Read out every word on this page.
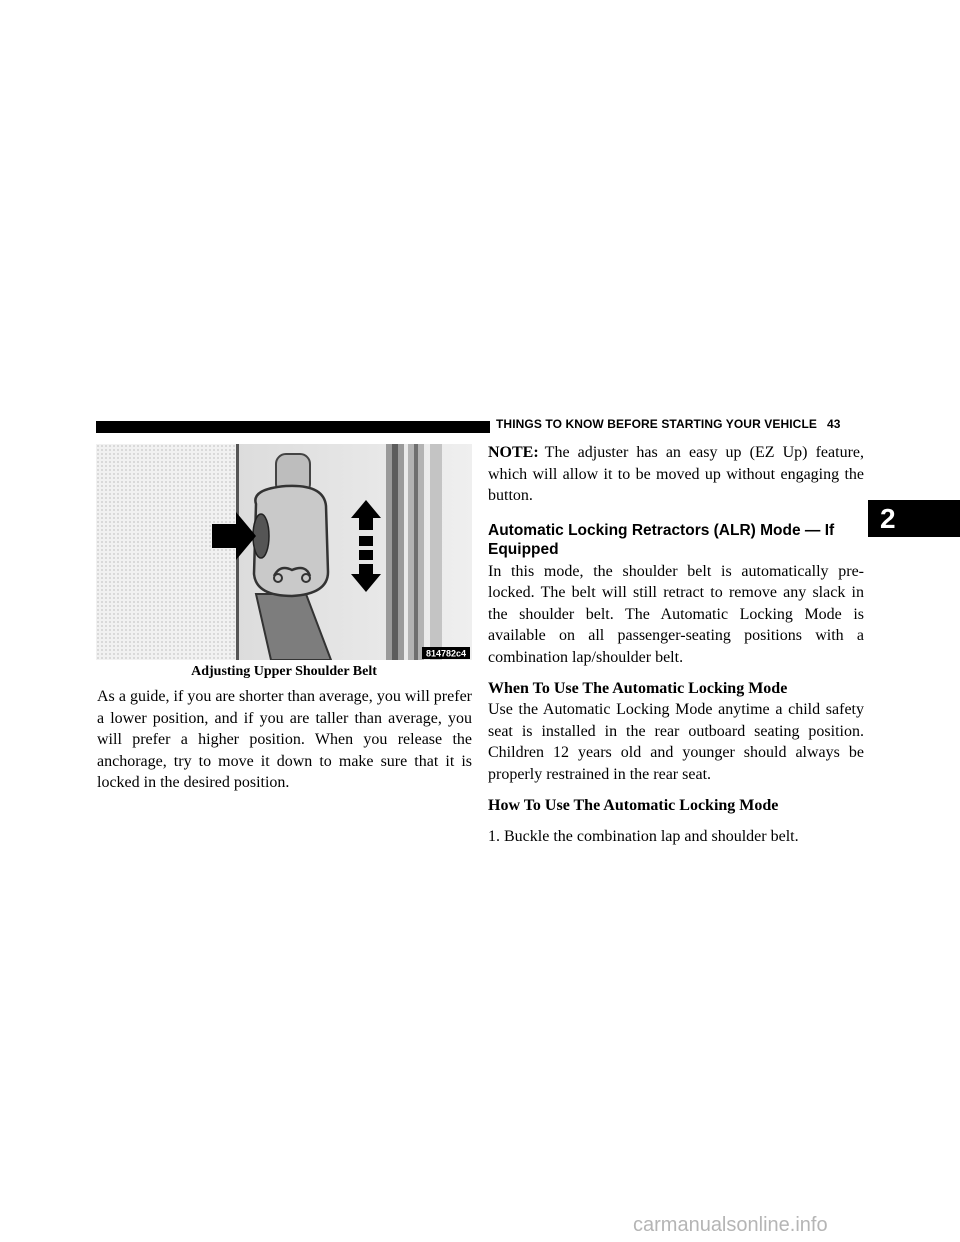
THINGS TO KNOW BEFORE STARTING YOUR VEHICLE 43
2
814782c4
Adjusting Upper Shoulder Belt

As a guide, if you are shorter than average, you will prefer a lower position, and if you are taller than average, you will prefer a higher position. When you release the anchorage, try to move it down to make sure that it is locked in the desired position.

NOTE: The adjuster has an easy up (EZ Up) feature, which will allow it to be moved up without engaging the button.

Automatic Locking Retractors (ALR) Mode — If Equipped

In this mode, the shoulder belt is automatically pre-locked. The belt will still retract to remove any slack in the shoulder belt. The Automatic Locking Mode is available on all passenger-seating positions with a combination lap/shoulder belt.

When To Use The Automatic Locking Mode

Use the Automatic Locking Mode anytime a child safety seat is installed in the rear outboard seating position. Children 12 years old and younger should always be properly restrained in the rear seat.

How To Use The Automatic Locking Mode

1. Buckle the combination lap and shoulder belt.

carmanualsonline.info
